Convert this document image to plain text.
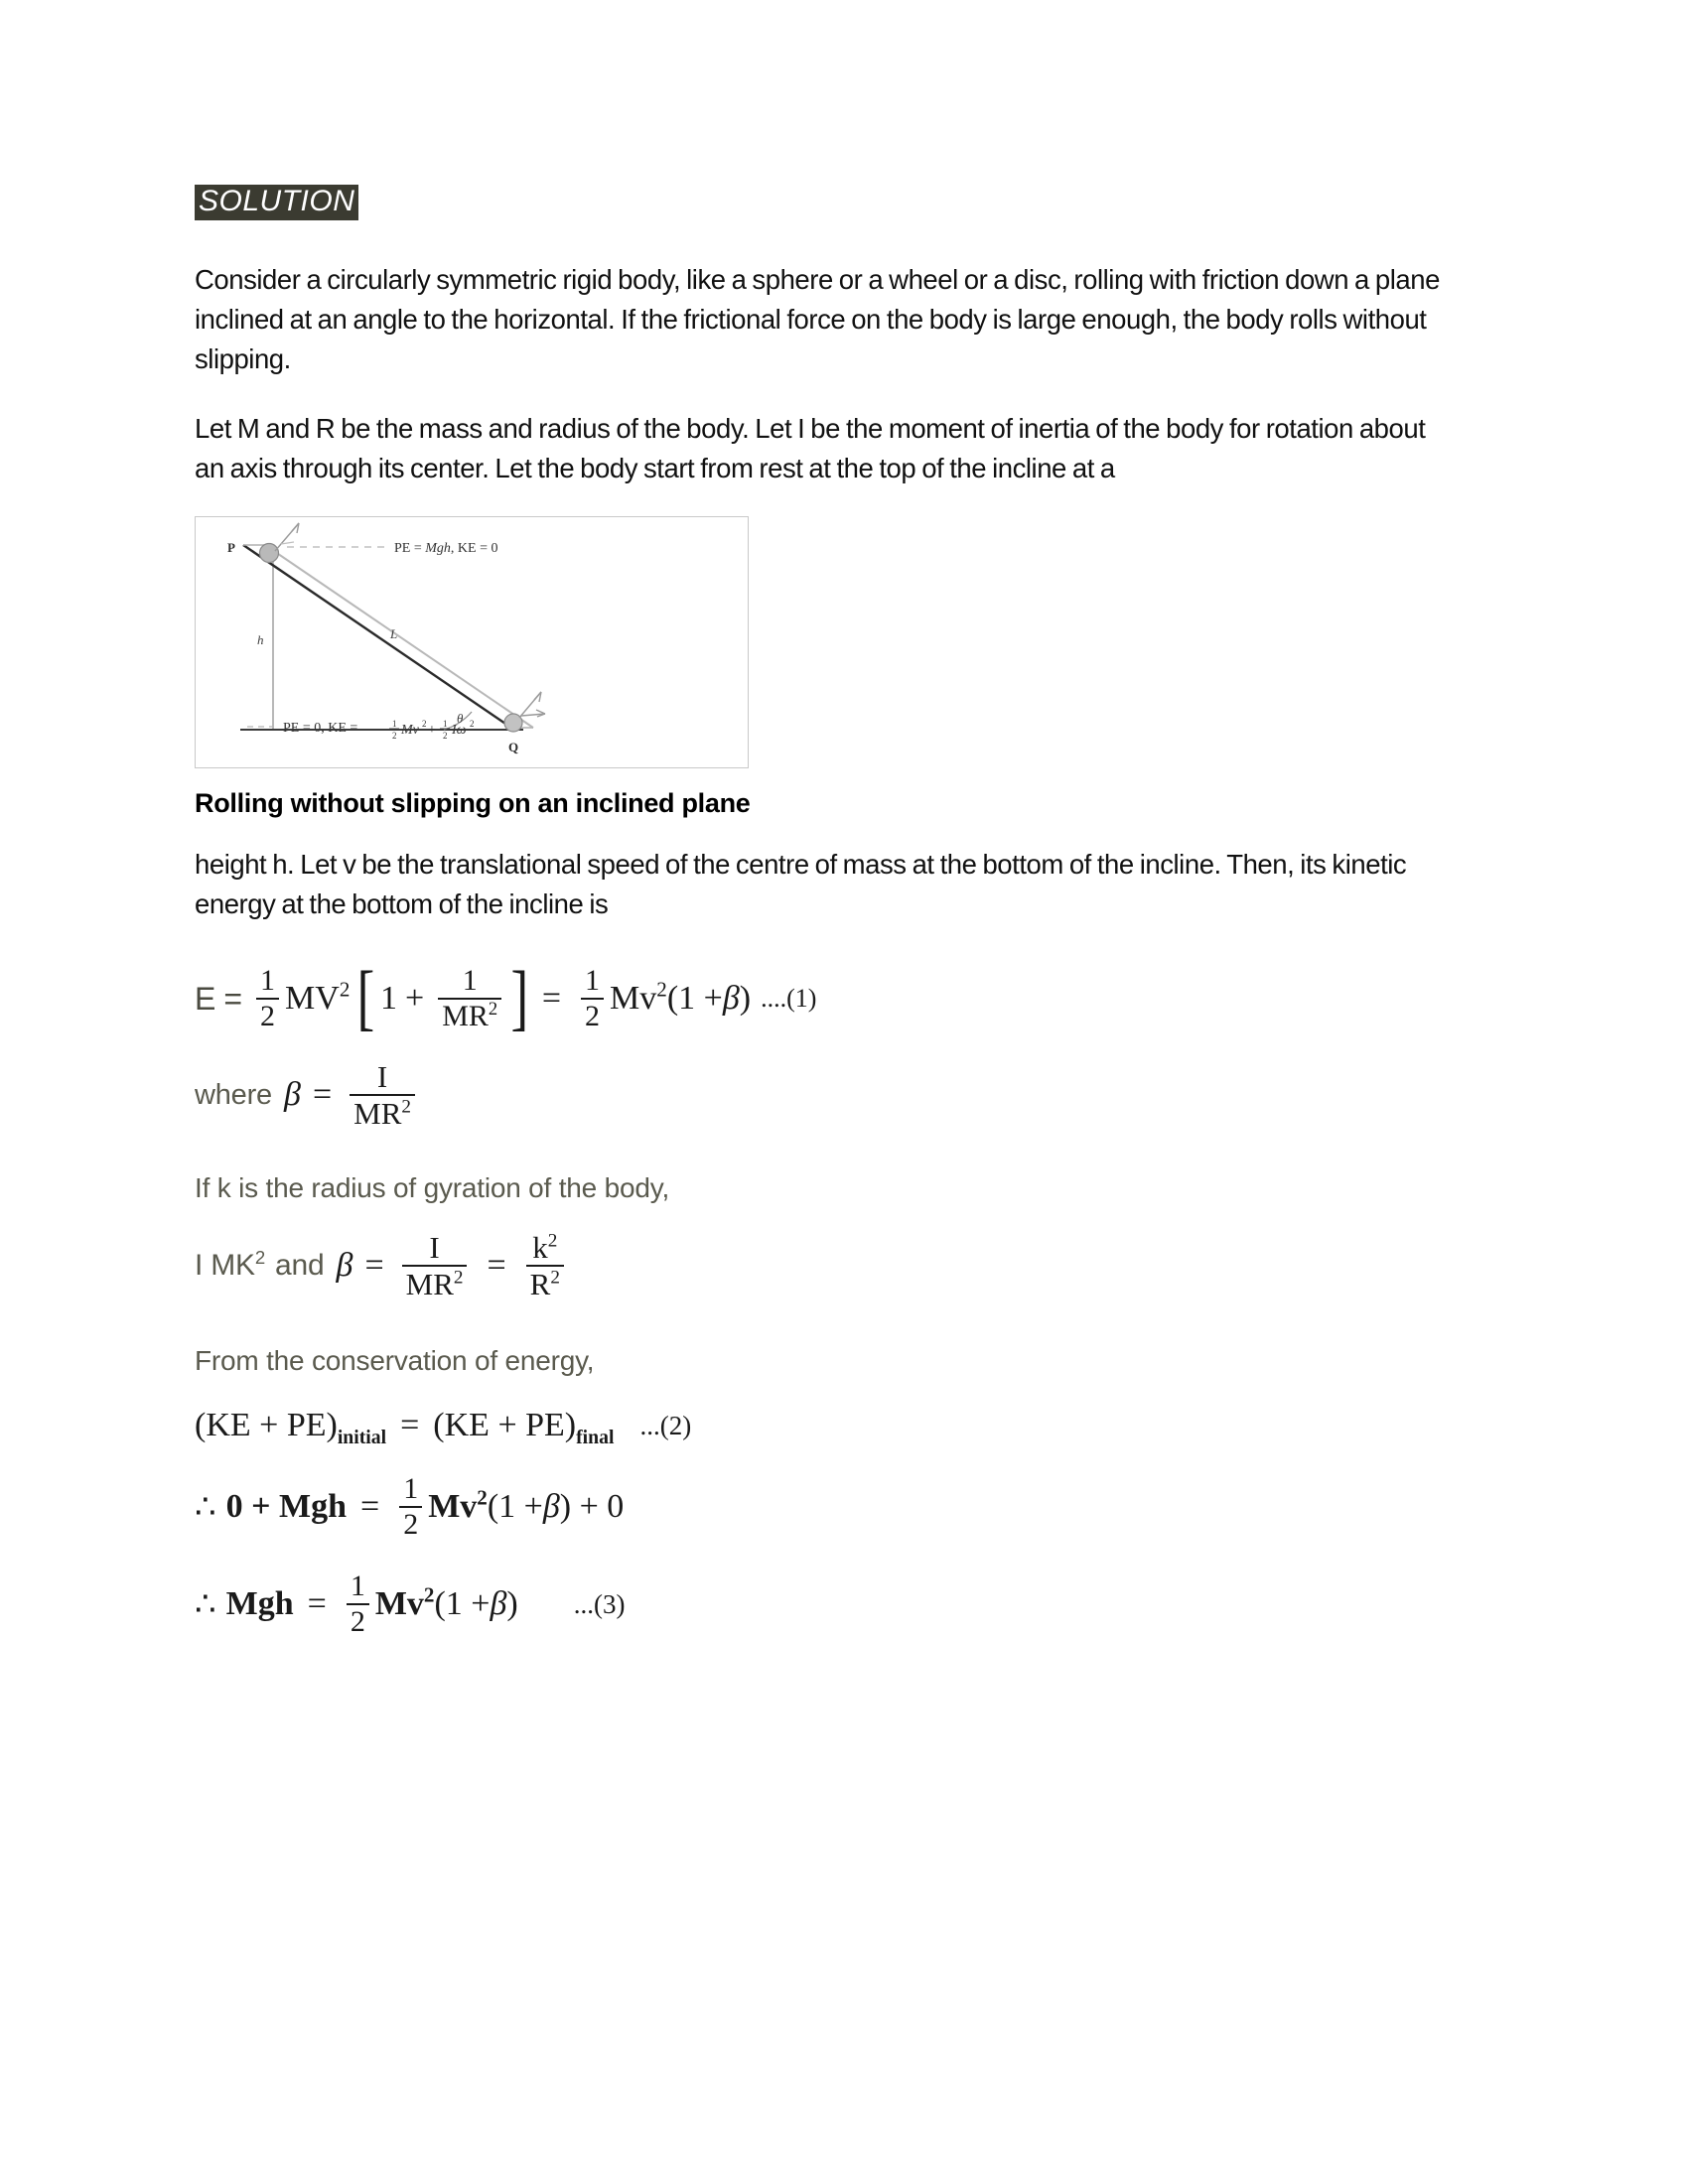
SOLUTION

Consider a circularly symmetric rigid body, like a sphere or a wheel or a disc, rolling with friction down a plane inclined at an angle to the horizontal. If the frictional force on the body is large enough, the body rolls without slipping.

Let M and R be the mass and radius of the body. Let I be the moment of inertia of the body for rotation about an axis through its center. Let the body start from rest at the top of the incline at a

P
Q
h	L
θ
PE = Mgh, KE = 0
PE = 0, KE =	1
2 Mv 2 + 1
2 Iω 2
Rolling without slipping on an inclined plane

height h. Let v be the translational speed of the centre of mass at the bottom of the incline. Then, its kinetic energy at the bottom of the incline is

$E = \frac{1}{2} MV^2$ [ $1 + \frac{1}{MR^2}$ ] = $\frac{1}{2} Mv^2$ (1 + β ) ....(1)
where $\beta = \frac{I}{MR^2}$
If k is the radius of gyration of the body,
I $MK^2$ and $\beta = \frac{I}{MR^2} = \frac{k^2}{R^2}$
From the conservation of energy,
$(KE + PE)_{initial} = (KE + PE)_{final}$ ...(2)
∴ 0 + Mgh = $\frac{1}{2} Mv^2$ (1 + β ) + 0
∴ Mgh = $\frac{1}{2} Mv^2$ (1 + β ) ...(3)
